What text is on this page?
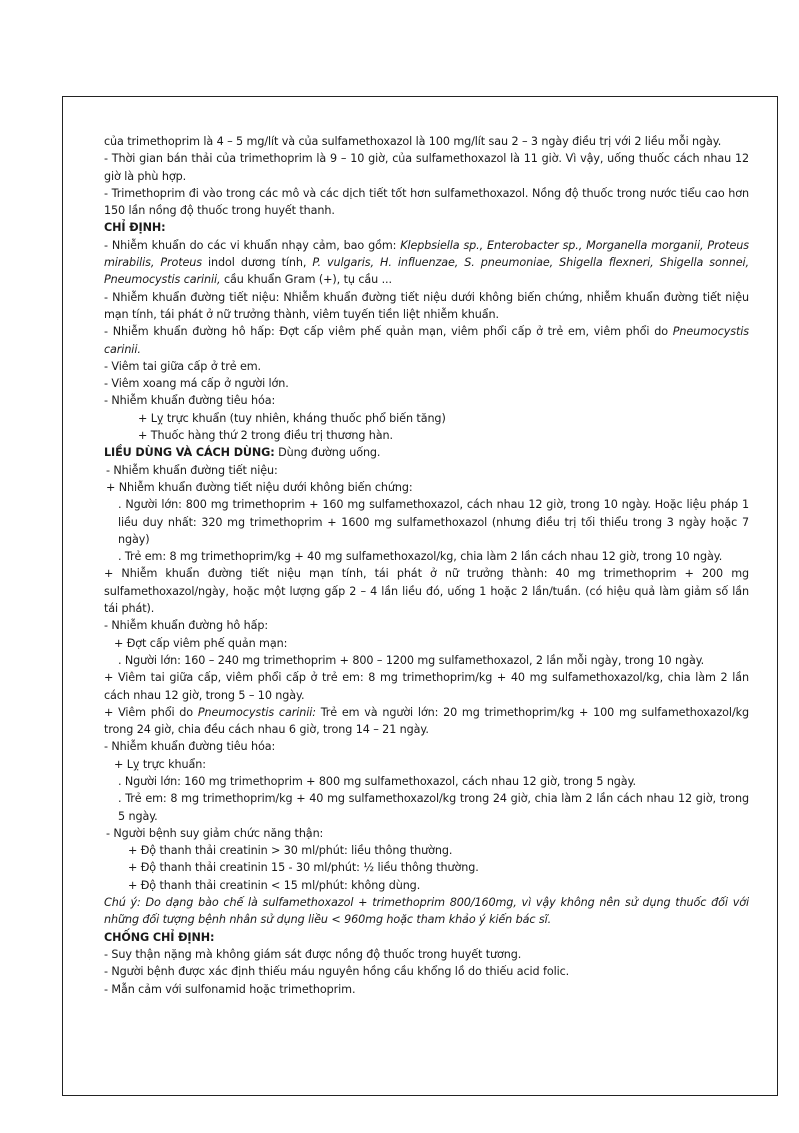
của trimethoprim là 4 – 5 mg/lít và của sulfamethoxazol là 100 mg/lít sau 2 – 3 ngày điều trị với 2 liều mỗi ngày.

- Thời gian bán thải của trimethoprim là 9 – 10 giờ, của sulfamethoxazol là 11 giờ. Vì vậy, uống thuốc cách nhau 12 giờ là phù hợp.

- Trimethoprim đi vào trong các mô và các dịch tiết tốt hơn sulfamethoxazol. Nồng độ thuốc trong nước tiểu cao hơn 150 lần nồng độ thuốc trong huyết thanh.

CHỈ ĐỊNH:

- Nhiễm khuẩn do các vi khuẩn nhạy cảm, bao gồm: Klepbsiella sp., Enterobacter sp., Morganella morganii, Proteus mirabilis, Proteus indol dương tính, P. vulgaris, H. influenzae, S. pneumoniae, Shigella flexneri, Shigella sonnei, Pneumocystis carinii, cầu khuẩn Gram (+), tụ cầu ...

- Nhiễm khuẩn đường tiết niệu: Nhiễm khuẩn đường tiết niệu dưới không biến chứng, nhiễm khuẩn đường tiết niệu mạn tính, tái phát ở nữ trưởng thành, viêm tuyến tiền liệt nhiễm khuẩn.

- Nhiễm khuẩn đường hô hấp: Đợt cấp viêm phế quản mạn, viêm phổi cấp ở trẻ em, viêm phổi do Pneumocystis carinii.

- Viêm tai giữa cấp ở trẻ em.

- Viêm xoang má cấp ở người lớn.

- Nhiễm khuẩn đường tiêu hóa:

+ Lỵ trực khuẩn (tuy nhiên, kháng thuốc phổ biến tăng)

+ Thuốc hàng thứ 2 trong điều trị thương hàn.

LIỀU DÙNG VÀ CÁCH DÙNG: Dùng đường uống.

- Nhiễm khuẩn đường tiết niệu:

+ Nhiễm khuẩn đường tiết niệu dưới không biến chứng:

. Người lớn: 800 mg trimethoprim + 160 mg sulfamethoxazol, cách nhau 12 giờ, trong 10 ngày. Hoặc liệu pháp 1 liều duy nhất: 320 mg trimethoprim + 1600 mg sulfamethoxazol (nhưng điều trị tối thiểu trong 3 ngày hoặc 7 ngày)

. Trẻ em: 8 mg trimethoprim/kg + 40 mg sulfamethoxazol/kg, chia làm 2 lần cách nhau 12 giờ, trong 10 ngày.

+ Nhiễm khuẩn đường tiết niệu mạn tính, tái phát ở nữ trưởng thành: 40 mg trimethoprim + 200 mg sulfamethoxazol/ngày, hoặc một lượng gấp 2 – 4 lần liều đó, uống 1 hoặc 2 lần/tuần. (có hiệu quả làm giảm số lần tái phát).

- Nhiễm khuẩn đường hô hấp:

+ Đợt cấp viêm phế quản mạn:

. Người lớn: 160 – 240 mg trimethoprim + 800 – 1200 mg sulfamethoxazol, 2 lần mỗi ngày, trong 10 ngày.

+ Viêm tai giữa cấp, viêm phổi cấp ở trẻ em: 8 mg trimethoprim/kg + 40 mg sulfamethoxazol/kg, chia làm 2 lần cách nhau 12 giờ, trong 5 – 10 ngày.

+ Viêm phổi do Pneumocystis carinii: Trẻ em và người lớn: 20 mg trimethoprim/kg + 100 mg sulfamethoxazol/kg trong 24 giờ, chia đều cách nhau 6 giờ, trong 14 – 21 ngày.

- Nhiễm khuẩn đường tiêu hóa:

+ Lỵ trực khuẩn:

. Người lớn: 160 mg trimethoprim + 800 mg sulfamethoxazol, cách nhau 12 giờ, trong 5 ngày.

. Trẻ em: 8 mg trimethoprim/kg + 40 mg sulfamethoxazol/kg trong 24 giờ, chia làm 2 lần cách nhau 12 giờ, trong 5 ngày.

- Người bệnh suy giảm chức năng thận:

+ Độ thanh thải creatinin > 30 ml/phút: liều thông thường.

+ Độ thanh thải creatinin 15 - 30 ml/phút: ½ liều thông thường.

+ Độ thanh thải creatinin < 15 ml/phút: không dùng.

Chú ý: Do dạng bào chế là sulfamethoxazol + trimethoprim 800/160mg, vì vậy không nên sử dụng thuốc đối với những đối tượng bệnh nhân sử dụng liều < 960mg hoặc tham khảo ý kiến bác sĩ.

CHỐNG CHỈ ĐỊNH:

- Suy thận nặng mà không giám sát được nồng độ thuốc trong huyết tương.

- Người bệnh được xác định thiếu máu nguyên hồng cầu khổng lồ do thiếu acid folic.

- Mẫn cảm với sulfonamid hoặc trimethoprim.
